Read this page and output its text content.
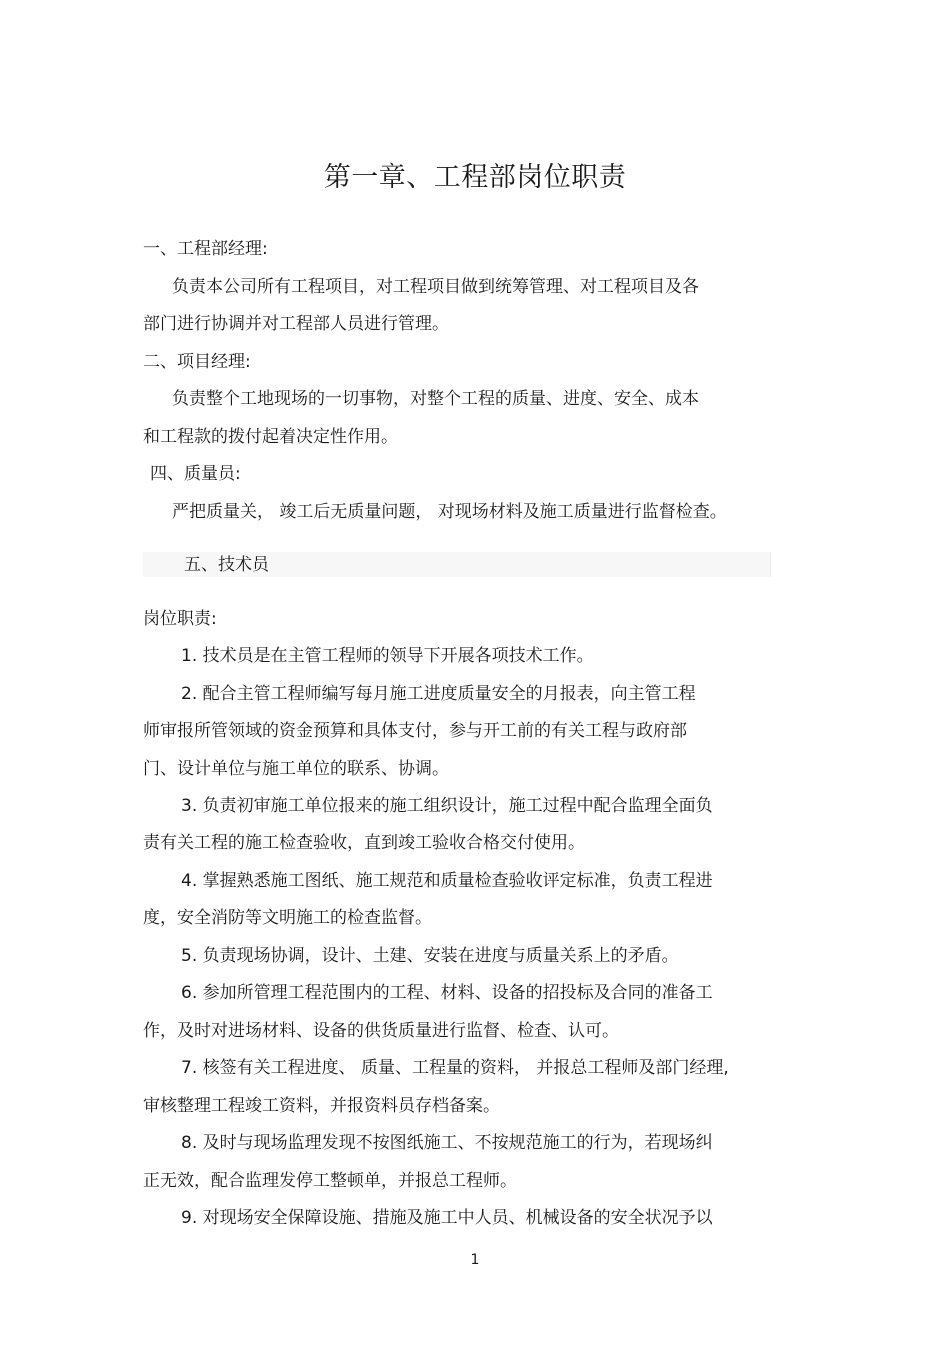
第一章、工程部岗位职责
一、工程部经理:
负责本公司所有工程项目，对工程项目做到统筹管理、对工程项目及各
部门进行协调并对工程部人员进行管理。
二、项目经理:
负责整个工地现场的一切事物，对整个工程的质量、进度、安全、成本
和工程款的拨付起着决定性作用。
四、质量员:
严把质量关， 竣工后无质量问题， 对现场材料及施工质量进行监督检查。
五、技术员
岗位职责:
1. 技术员是在主管工程师的领导下开展各项技术工作。
2. 配合主管工程师编写每月施工进度质量安全的月报表，向主管工程
师审报所管领域的资金预算和具体支付，参与开工前的有关工程与政府部
门、设计单位与施工单位的联系、协调。
3. 负责初审施工单位报来的施工组织设计，施工过程中配合监理全面负
责有关工程的施工检查验收，直到竣工验收合格交付使用。
4. 掌握熟悉施工图纸、施工规范和质量检查验收评定标准，负责工程进
度，安全消防等文明施工的检查监督。
5. 负责现场协调，设计、土建、安装在进度与质量关系上的矛盾。
6. 参加所管理工程范围内的工程、材料、设备的招投标及合同的准备工
作，及时对进场材料、设备的供货质量进行监督、检查、认可。
7. 核签有关工程进度、 质量、工程量的资料， 并报总工程师及部门经理,
审核整理工程竣工资料，并报资料员存档备案。
8. 及时与现场监理发现不按图纸施工、不按规范施工的行为，若现场纠
正无效，配合监理发停工整顿单，并报总工程师。
9. 对现场安全保障设施、措施及施工中人员、机械设备的安全状况予以
1
